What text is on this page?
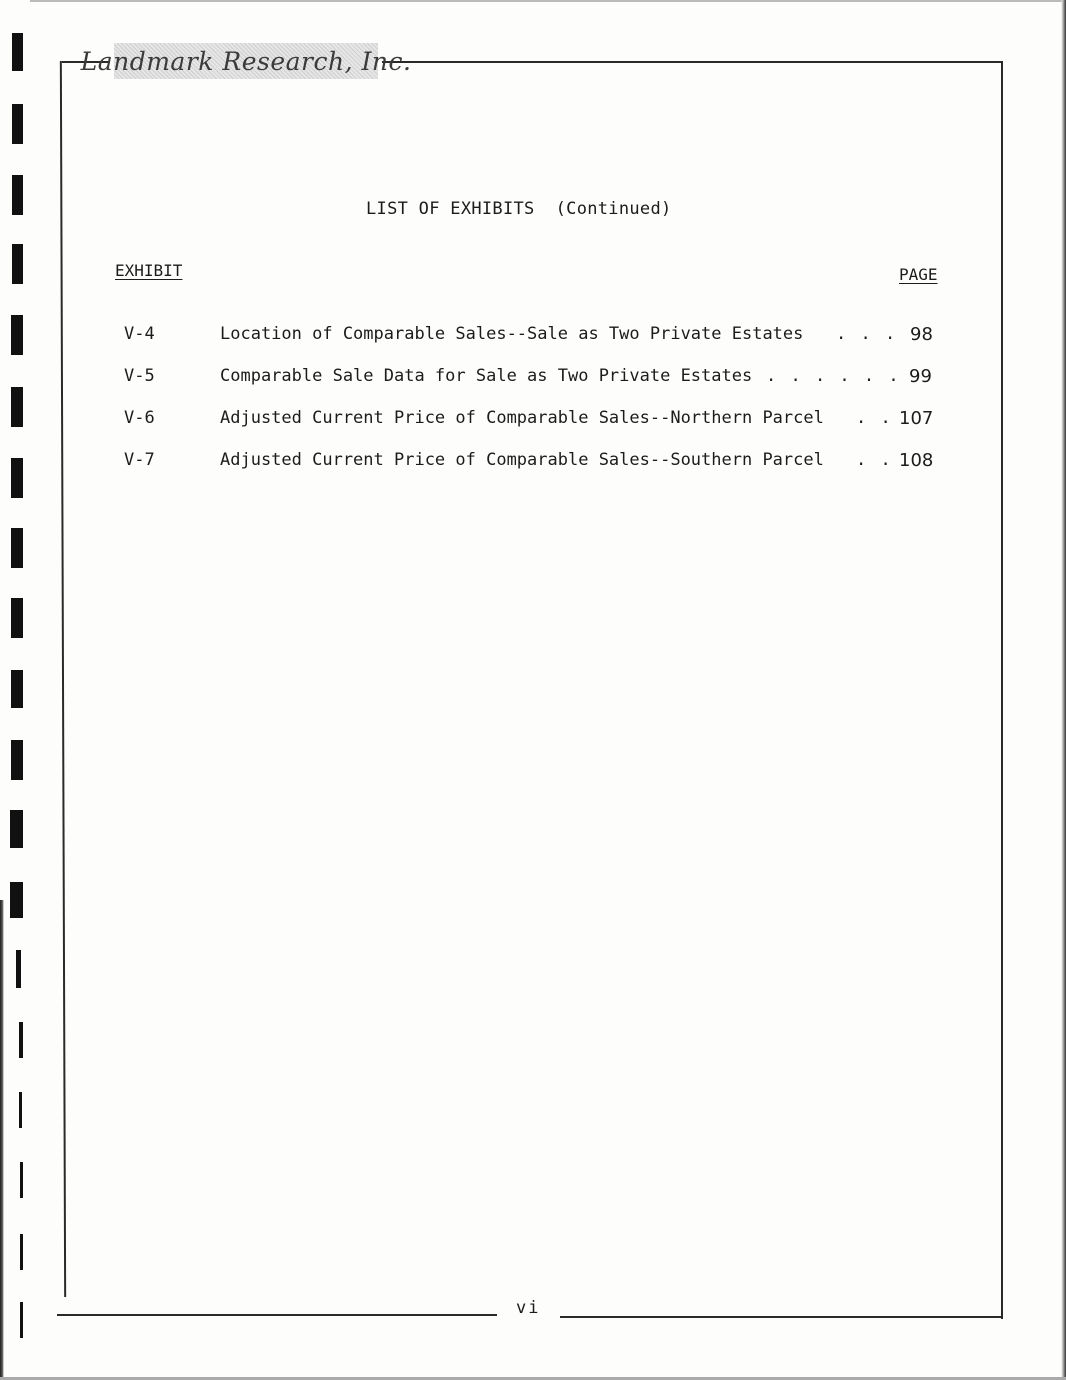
Landmark Research, Inc.
LIST OF EXHIBITS  (Continued)
EXHIBIT	PAGE
V-4	Location of Comparable Sales--Sale as Two Private Estates . . . 98
V-5	Comparable Sale Data for Sale as Two Private Estates . . . . . . 99
V-6	Adjusted Current Price of Comparable Sales--Northern Parcel . . 107
V-7	Adjusted Current Price of Comparable Sales--Southern Parcel . . 108
vi
